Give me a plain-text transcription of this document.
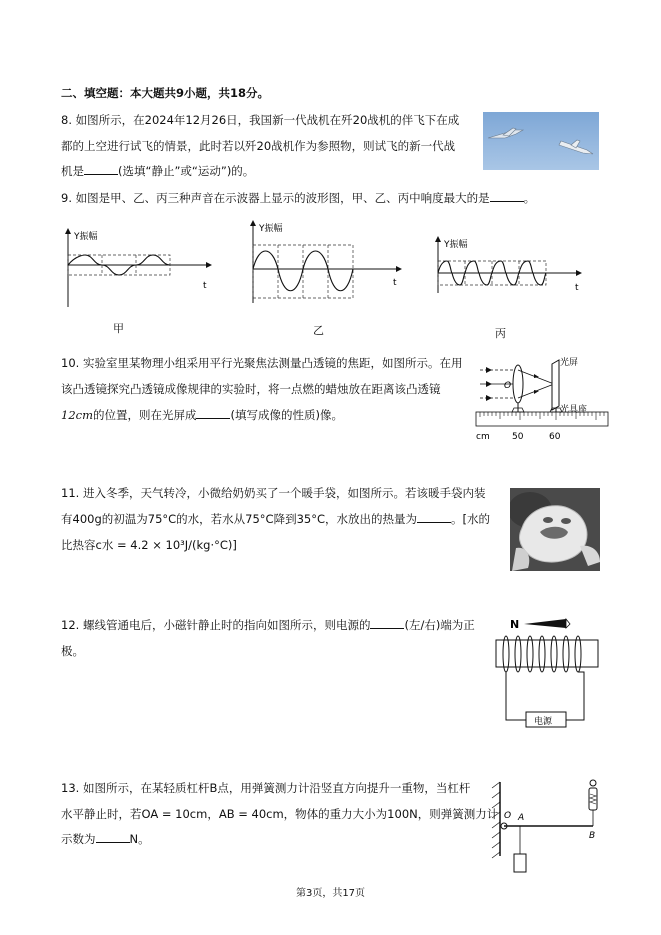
二、填空题：本大题共9小题，共18分。
8. 如图所示，在2024年12月26日，我国新一代战机在歼20战机的伴飞下在成
都的上空进行试飞的情景，此时若以歼20战机作为参照物，则试飞的新一代战
机是	(选填“静止”或“运动”)的。
9. 如图是甲、乙、丙三种声音在示波器上显示的波形图，甲、乙、丙中响度最大的是	。
Y振幅
t
甲
Y振幅
t
乙
Y振幅
t
丙
10. 实验室里某物理小组采用平行光聚焦法测量凸透镜的焦距，如图所示。在用
该凸透镜探究凸透镜成像规律的实验时，将一点燃的蜡烛放在距离该凸透镜
12cm的位置，则在光屏成	(填写成像的性质)像。
O
光屏
光具座
cm 50	60
11. 进入冬季，天气转冷，小微给奶奶买了一个暖手袋，如图所示。若该暖手袋内装
有400g的初温为75°C的水，若水从75°C降到35°C，水放出的热量为	。[水的
比热容c水 = 4.2 × 10³J/(kg·°C)]
12. 螺线管通电后，小磁针静止时的指向如图所示，则电源的	(左/右)端为正
极。
N
电源
13. 如图所示，在某轻质杠杆B点，用弹簧测力计沿竖直方向提升一重物，当杠杆
水平静止时，若OA = 10cm，AB = 40cm，物体的重力大小为100N，则弹簧测力计
示数为	N。
O A
B
第3页，共17页
